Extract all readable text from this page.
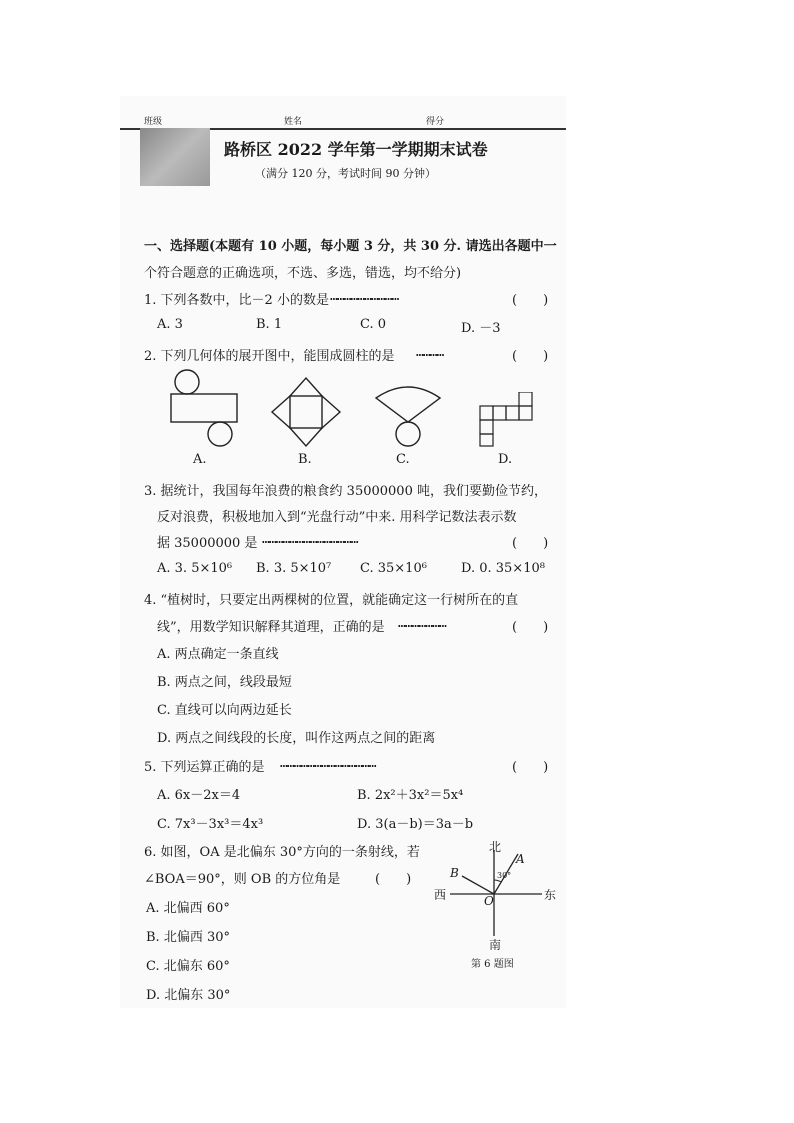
班级	姓名	得分
路桥区 2022 学年第一学期期末试卷
（满分 120 分，考试时间 90 分钟）
一、选择题(本题有 10 小题，每小题 3 分，共 30 分. 请选出各题中一
个符合题意的正确选项，不选、多选，错选，均不给分)
1. 下列各数中，比－2 小的数是 …………………………	(　　)
A. 3	B. 1	C. 0	D. －3
2. 下列几何体的展开图中，能围成圆柱的是 …………	(　　)
A.	B.	C.	D.
3. 据统计，我国每年浪费的粮食约 35000000 吨，我们要勤俭节约，
反对浪费，积极地加入到“光盘行动”中来. 用科学记数法表示数
据 35000000 是 ……………………………………	(　　)
A. 3. 5×10⁶ B. 3. 5×10⁷ C. 35×10⁶	D. 0. 35×10⁸
4. “植树时，只要定出两棵树的位置，就能确定这一行树所在的直
线”，用数学知识解释其道理，正确的是 …………………	(　　)
A. 两点确定一条直线
B. 两点之间，线段最短
C. 直线可以向两边延长
D. 两点之间线段的长度，叫作这两点之间的距离
5. 下列运算正确的是 ……………………………………	(　　)
A. 6x－2x＝4	B. 2x²＋3x²＝5x⁴
C. 7x³－3x³＝4x³	D. 3(a－b)＝3a－b
6. 如图，OA 是北偏东 30°方向的一条射线，若
∠BOA＝90°，则 OB 的方位角是	(　　)
A. 北偏西 60°
B. 北偏西 30°
C. 北偏东 60°
D. 北偏东 30°
北
南
西	东
A
B
O
30°
第 6 题图
